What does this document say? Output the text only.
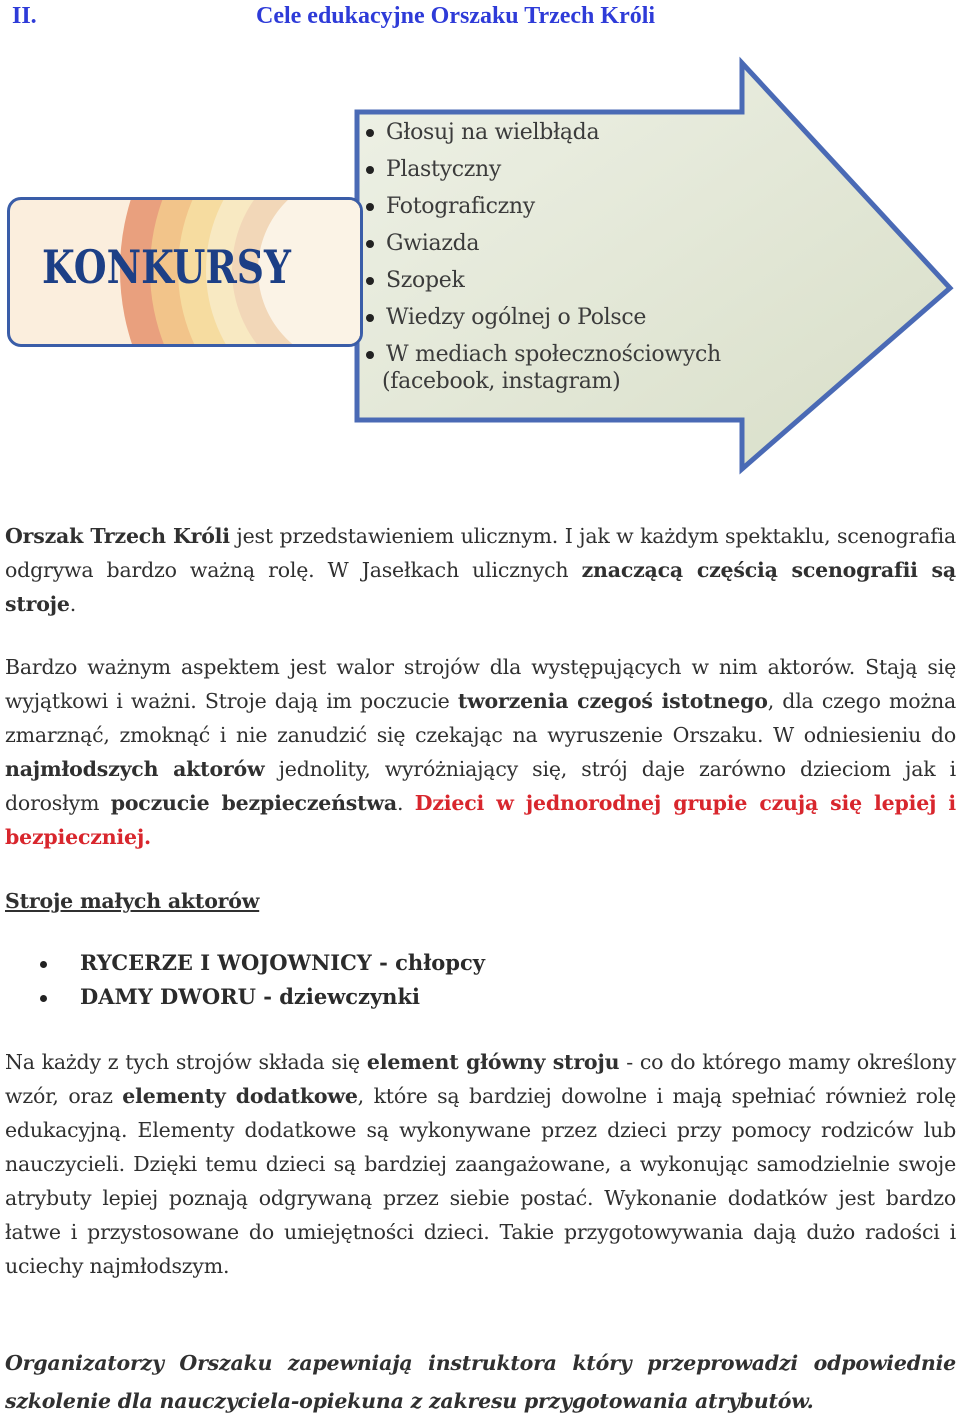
II.	Cele edukacyjne Orszaku Trzech Króli
KONKURSY
Głosuj na wielbłąda
Plastyczny
Fotograficzny
Gwiazda
Szopek
Wiedzy ogólnej o Polsce
W mediach społecznościowych
(facebook, instagram)

Orszak Trzech Króli jest przedstawieniem ulicznym. I jak w każdym spektaklu, scenografia odgrywa bardzo ważną rolę. W Jasełkach ulicznych znaczącą częścią scenografii są stroje.

Bardzo ważnym aspektem jest walor strojów dla występujących w nim aktorów. Stają się wyjątkowi i ważni. Stroje dają im poczucie tworzenia czegoś istotnego, dla czego można zmarznąć, zmoknąć i nie zanudzić się czekając na wyruszenie Orszaku. W odniesieniu do najmłodszych aktorów jednolity, wyróżniający się, strój daje zarówno dzieciom jak i dorosłym poczucie bezpieczeństwa. Dzieci w jednorodnej grupie czują się lepiej i bezpieczniej.

Stroje małych aktorów

RYCERZE I WOJOWNICY - chłopcy
DAMY DWORU - dziewczynki

Na każdy z tych strojów składa się element główny stroju - co do którego mamy określony wzór, oraz elementy dodatkowe, które są bardziej dowolne i mają spełniać również rolę edukacyjną. Elementy dodatkowe są wykonywane przez dzieci przy pomocy rodziców lub nauczycieli. Dzięki temu dzieci są bardziej zaangażowane, a wykonując samodzielnie swoje atrybuty lepiej poznają odgrywaną przez siebie postać. Wykonanie dodatków jest bardzo łatwe i przystosowane do umiejętności dzieci. Takie przygotowywania dają dużo radości i uciechy najmłodszym.

Organizatorzy Orszaku zapewniają instruktora który przeprowadzi odpowiednie szkolenie dla nauczyciela-opiekuna z zakresu przygotowania atrybutów.
